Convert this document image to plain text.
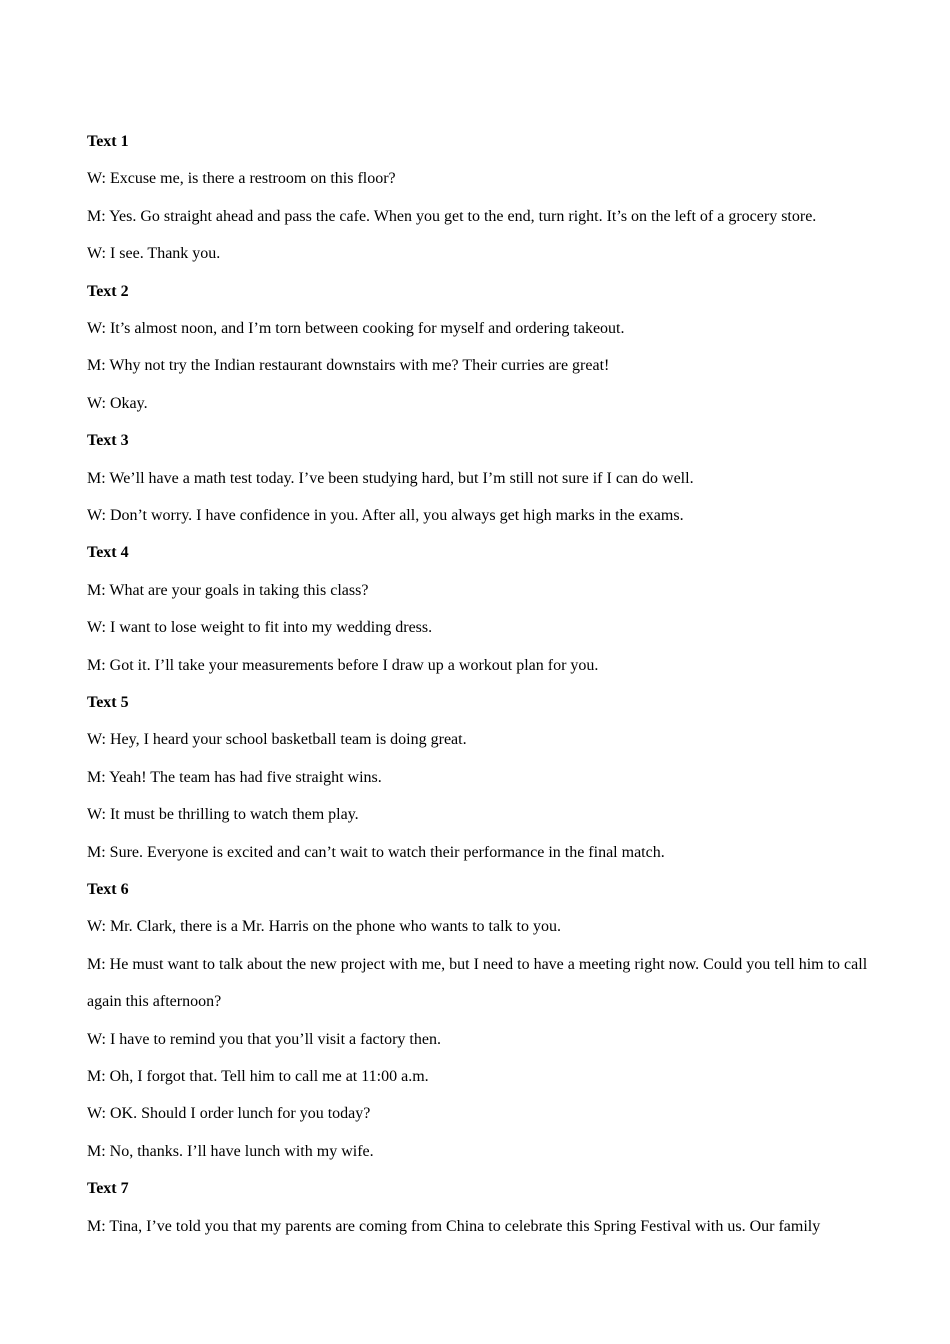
Text 1
W: Excuse me, is there a restroom on this floor?
M: Yes. Go straight ahead and pass the cafe. When you get to the end, turn right. It’s on the left of a grocery store.
W: I see. Thank you.
Text 2
W: It’s almost noon, and I’m torn between cooking for myself and ordering takeout.
M: Why not try the Indian restaurant downstairs with me? Their curries are great!
W: Okay.
Text 3
M: We’ll have a math test today. I’ve been studying hard, but I’m still not sure if I can do well.
W: Don’t worry. I have confidence in you. After all, you always get high marks in the exams.
Text 4
M: What are your goals in taking this class?
W: I want to lose weight to fit into my wedding dress.
M: Got it. I’ll take your measurements before I draw up a workout plan for you.
Text 5
W: Hey, I heard your school basketball team is doing great.
M: Yeah! The team has had five straight wins.
W: It must be thrilling to watch them play.
M: Sure. Everyone is excited and can’t wait to watch their performance in the final match.
Text 6
W: Mr. Clark, there is a Mr. Harris on the phone who wants to talk to you.
M: He must want to talk about the new project with me, but I need to have a meeting right now. Could you tell him to call again this afternoon?
W: I have to remind you that you’ll visit a factory then.
M: Oh, I forgot that. Tell him to call me at 11:00 a.m.
W: OK. Should I order lunch for you today?
M: No, thanks. I’ll have lunch with my wife.
Text 7
M: Tina, I’ve told you that my parents are coming from China to celebrate this Spring Festival with us. Our family
